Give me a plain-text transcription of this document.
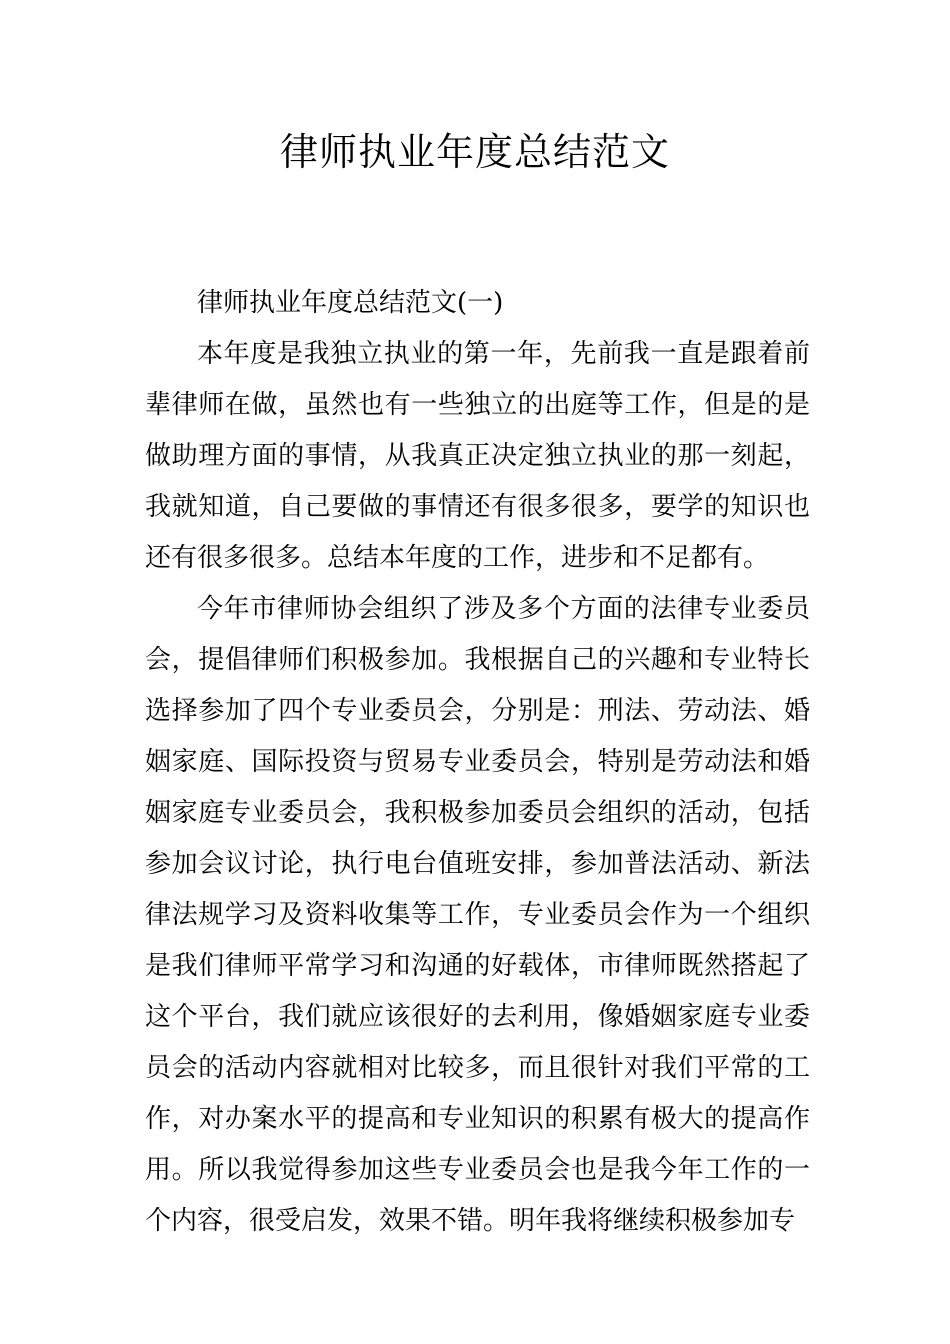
律师执业年度总结范文

律师执业年度总结范文(一)

本年度是我独立执业的第一年，先前我一直是跟着前辈律师在做，虽然也有一些独立的出庭等工作，但是的是做助理方面的事情，从我真正决定独立执业的那一刻起，我就知道，自己要做的事情还有很多很多，要学的知识也还有很多很多。总结本年度的工作，进步和不足都有。

今年市律师协会组织了涉及多个方面的法律专业委员会，提倡律师们积极参加。我根据自己的兴趣和专业特长选择参加了四个专业委员会，分别是：刑法、劳动法、婚姻家庭、国际投资与贸易专业委员会，特别是劳动法和婚姻家庭专业委员会，我积极参加委员会组织的活动，包括参加会议讨论，执行电台值班安排，参加普法活动、新法律法规学习及资料收集等工作，专业委员会作为一个组织是我们律师平常学习和沟通的好载体，市律师既然搭起了这个平台，我们就应该很好的去利用，像婚姻家庭专业委员会的活动内容就相对比较多，而且很针对我们平常的工作，对办案水平的提高和专业知识的积累有极大的提高作用。所以我觉得参加这些专业委员会也是我今年工作的一个内容，很受启发，效果不错。明年我将继续积极参加专
